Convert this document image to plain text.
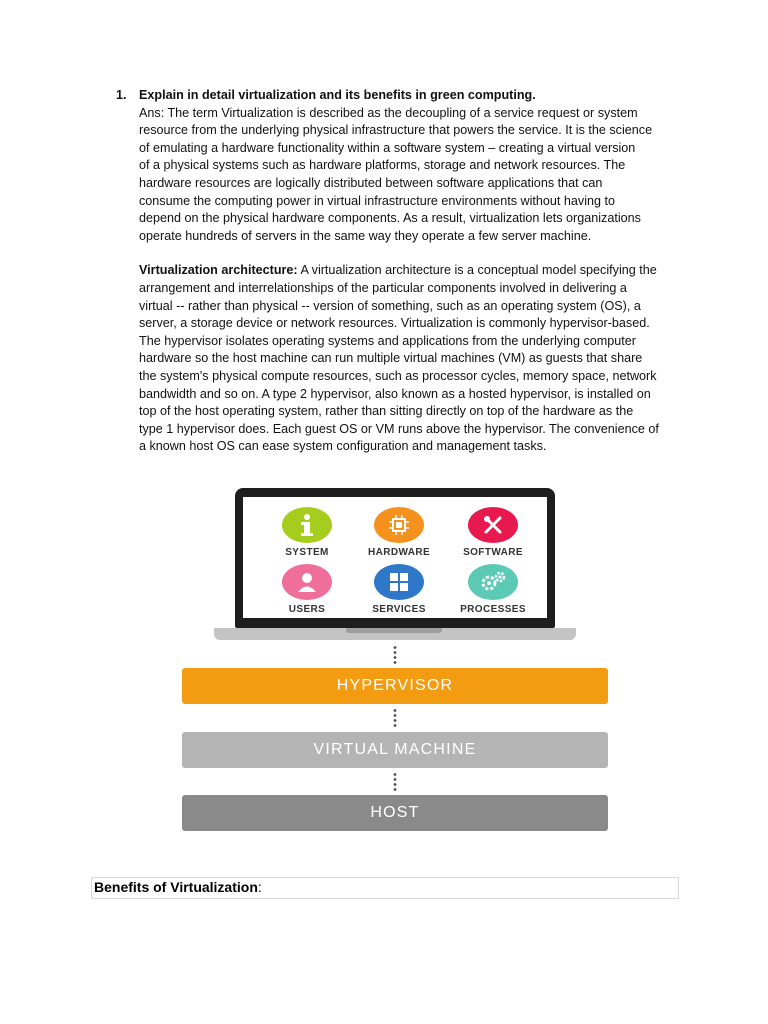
1. Explain in detail virtualization and its benefits in green computing.
Ans: The term Virtualization is described as the decoupling of a service request or system
resource from the underlying physical infrastructure that powers the service. It is the science
of emulating a hardware functionality within a software system – creating a virtual version
of a physical systems such as hardware platforms, storage and network resources. The
hardware resources are logically distributed between software applications that can
consume the computing power in virtual infrastructure environments without having to
depend on the physical hardware components. As a result, virtualization lets organizations
operate hundreds of servers in the same way they operate a few server machine.
Virtualization architecture: A virtualization architecture is a conceptual model specifying the
arrangement and interrelationships of the particular components involved in delivering a
virtual -- rather than physical -- version of something, such as an operating system (OS), a
server, a storage device or network resources. Virtualization is commonly hypervisor-based.
The hypervisor isolates operating systems and applications from the underlying computer
hardware so the host machine can run multiple virtual machines (VM) as guests that share
the system's physical compute resources, such as processor cycles, memory space, network
bandwidth and so on. A type 2 hypervisor, also known as a hosted hypervisor, is installed on
top of the host operating system, rather than sitting directly on top of the hardware as the
type 1 hypervisor does. Each guest OS or VM runs above the hypervisor. The convenience of
a known host OS can ease system configuration and management tasks.
SYSTEM	HARDWARE	SOFTWARE
USERS	SERVICES	PROCESSES
HYPERVISOR
VIRTUAL MACHINE
HOST
Benefits of Virtualization:
